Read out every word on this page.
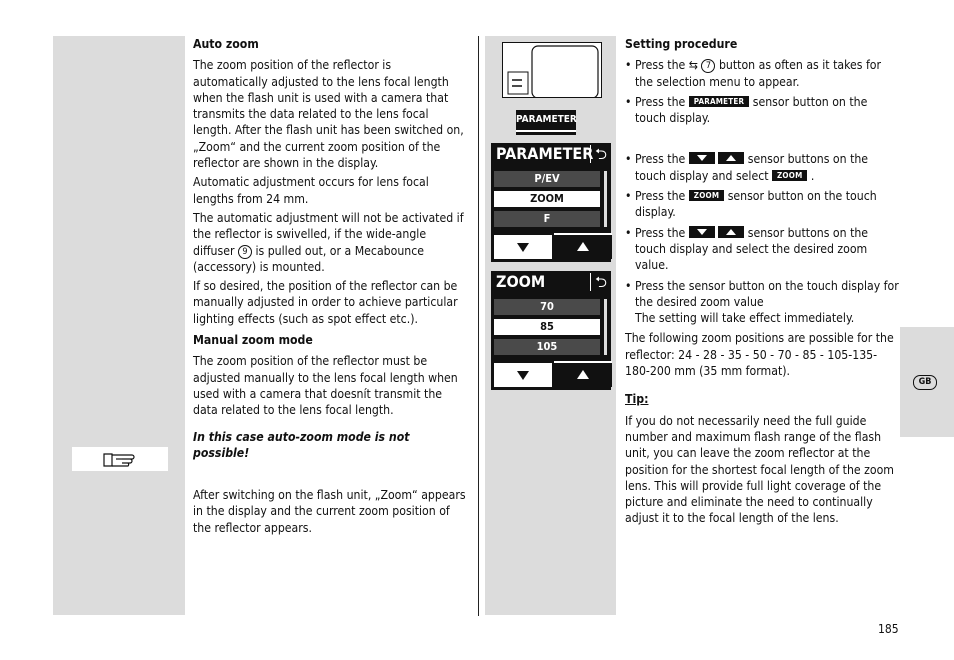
GB
Auto zoom

The zoom position of the reflector is automatically adjusted to the lens focal length when the flash unit is used with a camera that transmits the data related to the lens focal length. After the flash unit has been switched on, „Zoom“ and the current zoom position of the reflector are shown in the display.

Automatic adjustment occurs for lens focal lengths from 24 mm.

The automatic adjustment will not be activated if the reflector is swivelled, if the wide-angle diffuser 9 is pulled out, or a Mecabounce (accessory) is mounted.

If so desired, the position of the reflector can be manually adjusted in order to achieve particular lighting effects (such as spot effect etc.).

Manual zoom mode

The zoom position of the reflector must be adjusted manually to the lens focal length when used with a camera that doesnít transmit the data related to the lens focal length.

In this case auto-zoom mode is not possible!

After switching on the flash unit, „Zoom“ appears in the display and the current zoom position of the reflector appears.

PARAMETER
PARAMETER ⮌
P/EV
ZOOM
F
ZOOM	⮌
70
85
105
Setting procedure
• Press the ⇆ 7 button as often as it takes for the selection menu to appear.
• Press the PARAMETER sensor button on the touch display.
• Press the	sensor buttons on the touch display and select ZOOM .
• Press the ZOOM sensor button on the touch display.
• Press the	sensor buttons on the touch display and select the desired zoom value.
• Press the sensor button on the touch display for the desired zoom value
The setting will take effect immediately.

The following zoom positions are possible for the reflector: 24 - 28 - 35 - 50 - 70 - 85 - 105-135-180-200 mm (35 mm format).

Tip:

If you do not necessarily need the full guide number and maximum flash range of the flash unit, you can leave the zoom reflector at the position for the shortest focal length of the zoom lens. This will provide full light coverage of the picture and eliminate the need to continually adjust it to the focal length of the lens.

185
